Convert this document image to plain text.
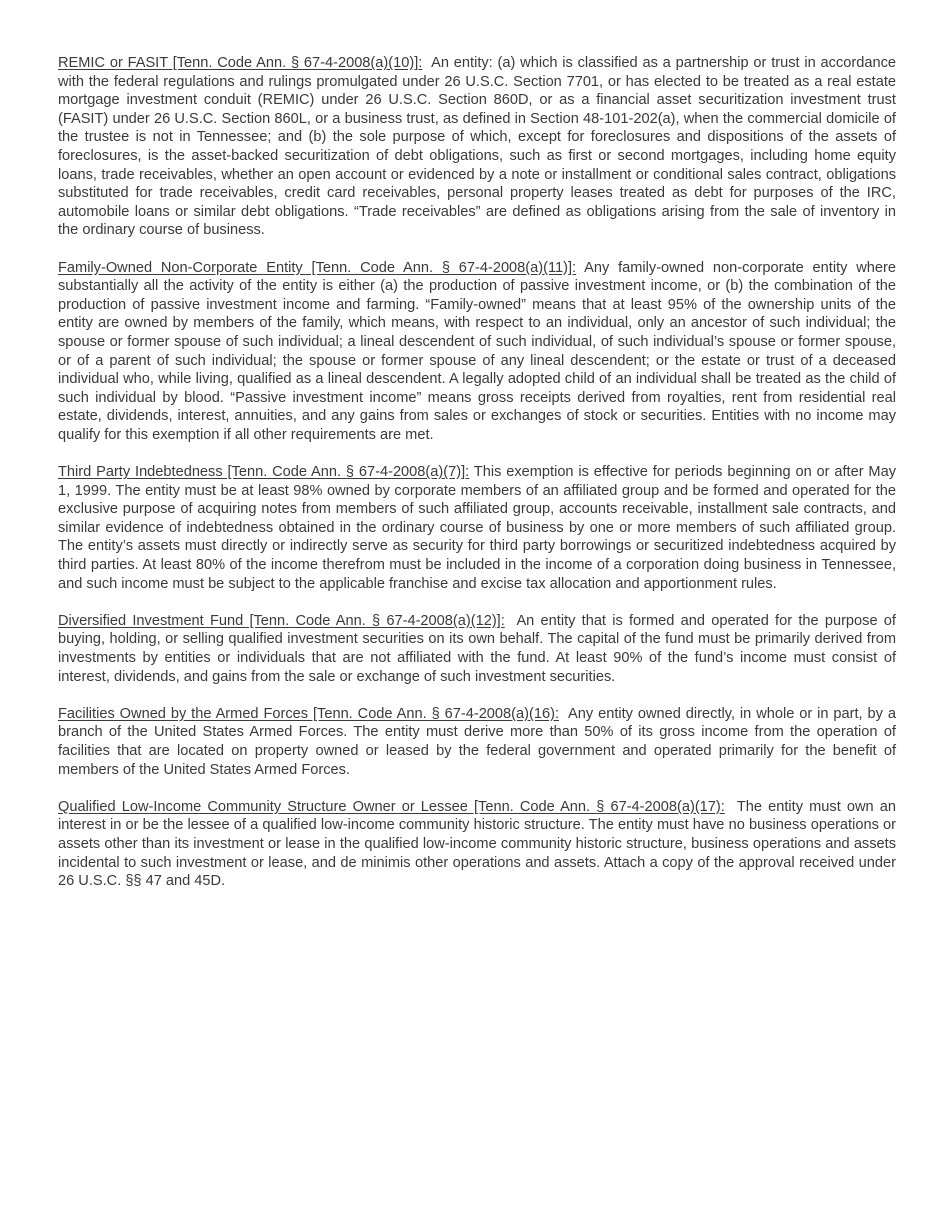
REMIC or FASIT [Tenn. Code Ann. § 67-4-2008(a)(10)]: An entity: (a) which is classified as a partnership or trust in accordance with the federal regulations and rulings promulgated under 26 U.S.C. Section 7701, or has elected to be treated as a real estate mortgage investment conduit (REMIC) under 26 U.S.C. Section 860D, or as a financial asset securitization investment trust (FASIT) under 26 U.S.C. Section 860L, or a business trust, as defined in Section 48-101-202(a), when the commercial domicile of the trustee is not in Tennessee; and (b) the sole purpose of which, except for foreclosures and dispositions of the assets of foreclosures, is the asset-backed securitization of debt obligations, such as first or second mortgages, including home equity loans, trade receivables, whether an open account or evidenced by a note or installment or conditional sales contract, obligations substituted for trade receivables, credit card receivables, personal property leases treated as debt for purposes of the IRC, automobile loans or similar debt obligations. “Trade receivables” are defined as obligations arising from the sale of inventory in the ordinary course of business.

Family-Owned Non-Corporate Entity [Tenn. Code Ann. § 67-4-2008(a)(11)]: Any family-owned non-corporate entity where substantially all the activity of the entity is either (a) the production of passive investment income, or (b) the combination of the production of passive investment income and farming. “Family-owned” means that at least 95% of the ownership units of the entity are owned by members of the family, which means, with respect to an individual, only an ancestor of such individual; the spouse or former spouse of such individual; a lineal descendent of such individual, of such individual’s spouse or former spouse, or of a parent of such individual; the spouse or former spouse of any lineal descendent; or the estate or trust of a deceased individual who, while living, qualified as a lineal descendent. A legally adopted child of an individual shall be treated as the child of such individual by blood. “Passive investment income” means gross receipts derived from royalties, rent from residential real estate, dividends, interest, annuities, and any gains from sales or exchanges of stock or securities. Entities with no income may qualify for this exemption if all other requirements are met.

Third Party Indebtedness [Tenn. Code Ann. § 67-4-2008(a)(7)]: This exemption is effective for periods beginning on or after May 1, 1999. The entity must be at least 98% owned by corporate members of an affiliated group and be formed and operated for the exclusive purpose of acquiring notes from members of such affiliated group, accounts receivable, installment sale contracts, and similar evidence of indebtedness obtained in the ordinary course of business by one or more members of such affiliated group. The entity’s assets must directly or indirectly serve as security for third party borrowings or securitized indebtedness acquired by third parties. At least 80% of the income therefrom must be included in the income of a corporation doing business in Tennessee, and such income must be subject to the applicable franchise and excise tax allocation and apportionment rules.

Diversified Investment Fund [Tenn. Code Ann. § 67-4-2008(a)(12)]: An entity that is formed and operated for the purpose of buying, holding, or selling qualified investment securities on its own behalf. The capital of the fund must be primarily derived from investments by entities or individuals that are not affiliated with the fund. At least 90% of the fund’s income must consist of interest, dividends, and gains from the sale or exchange of such investment securities.

Facilities Owned by the Armed Forces [Tenn. Code Ann. § 67-4-2008(a)(16): Any entity owned directly, in whole or in part, by a branch of the United States Armed Forces. The entity must derive more than 50% of its gross income from the operation of facilities that are located on property owned or leased by the federal government and operated primarily for the benefit of members of the United States Armed Forces.

Qualified Low-Income Community Structure Owner or Lessee [Tenn. Code Ann. § 67-4-2008(a)(17): The entity must own an interest in or be the lessee of a qualified low-income community historic structure. The entity must have no business operations or assets other than its investment or lease in the qualified low-income community historic structure, business operations and assets incidental to such investment or lease, and de minimis other operations and assets. Attach a copy of the approval received under 26 U.S.C. §§ 47 and 45D.
